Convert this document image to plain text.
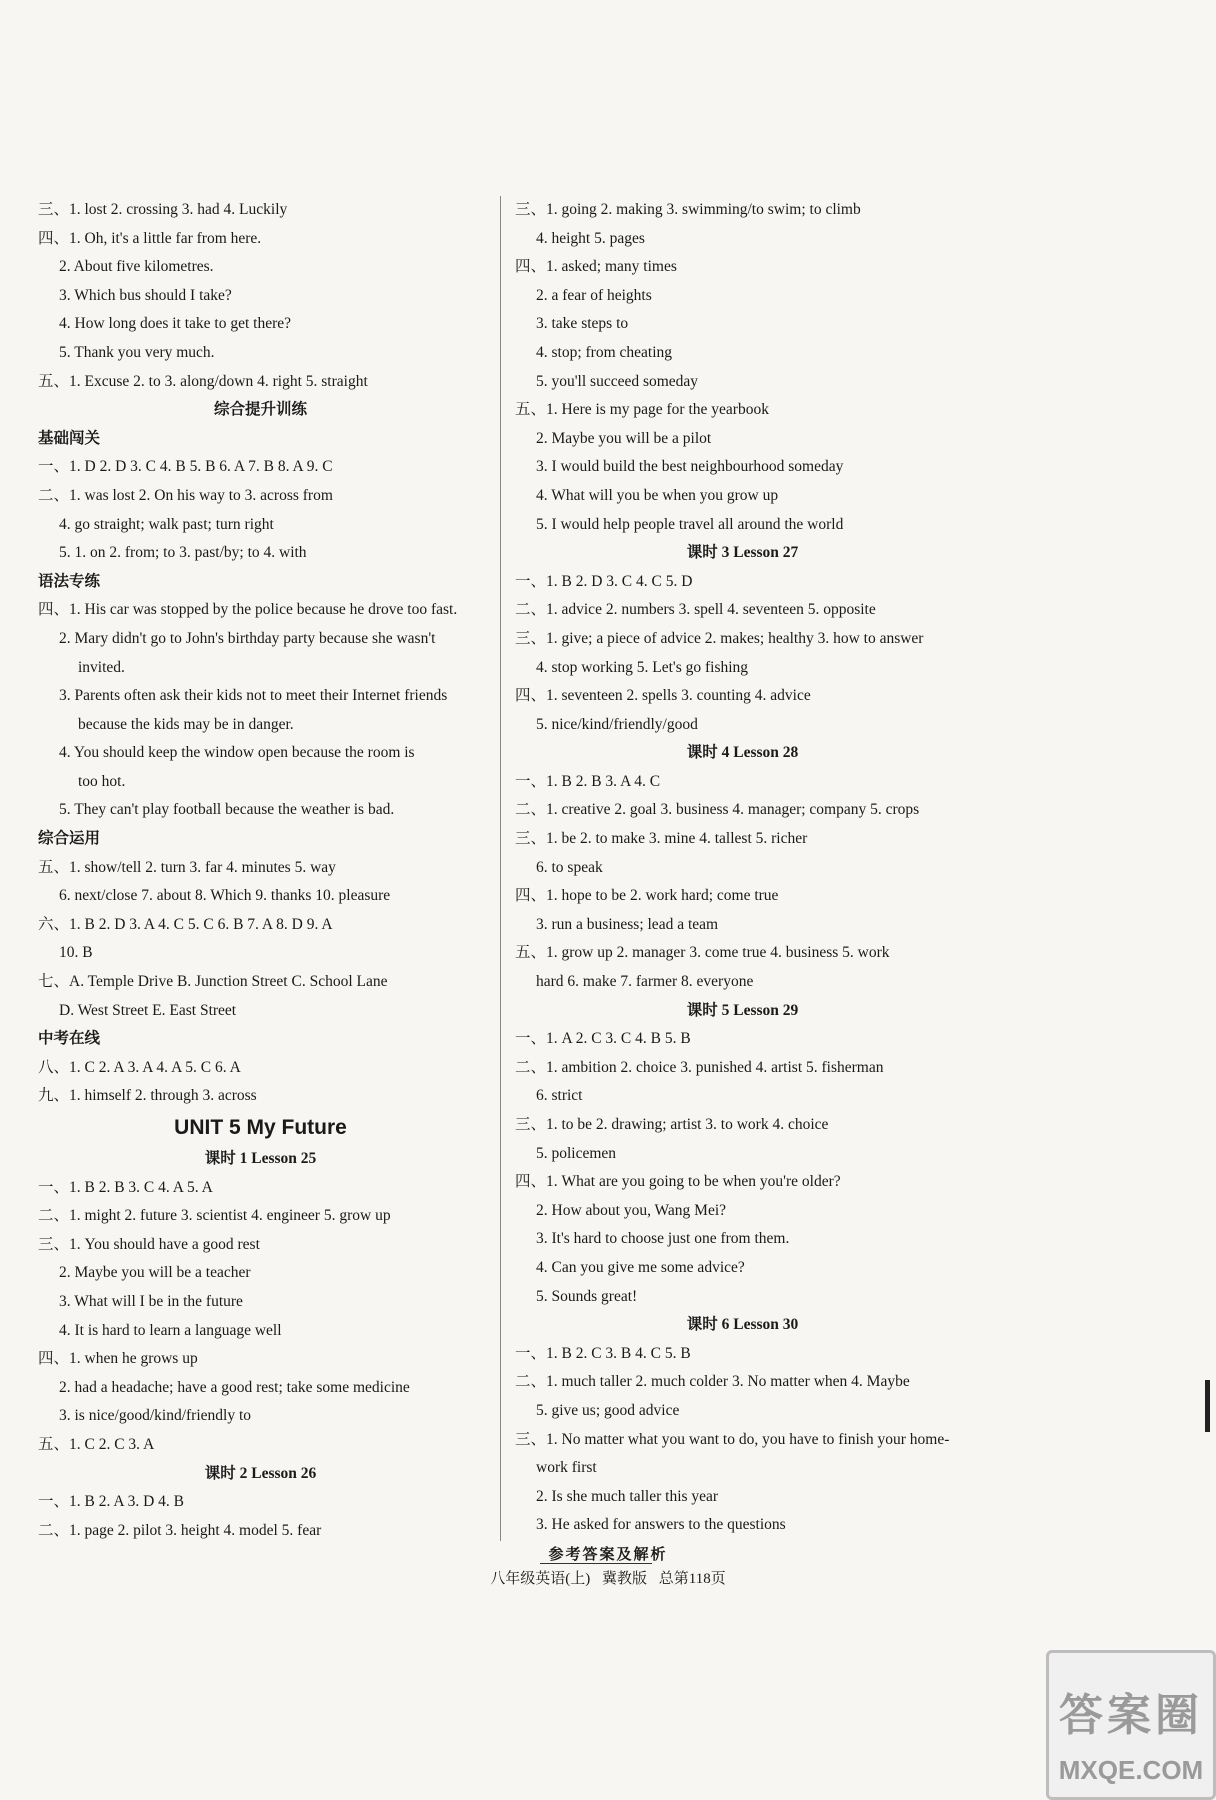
三、1. lost 2. crossing 3. had 4. Luckily
四、1. Oh, it's a little far from here.
2. About five kilometres.
3. Which bus should I take?
4. How long does it take to get there?
5. Thank you very much.
五、1. Excuse 2. to 3. along/down 4. right 5. straight
综合提升训练
基础闯关
一、1. D 2. D 3. C 4. B 5. B 6. A 7. B 8. A 9. C
二、1. was lost 2. On his way to 3. across from
4. go straight; walk past; turn right
5. 1. on 2. from; to 3. past/by; to 4. with
语法专练
四、1. His car was stopped by the police because he drove too fast.
2. Mary didn't go to John's birthday party because she wasn't
invited.
3. Parents often ask their kids not to meet their Internet friends
because the kids may be in danger.
4. You should keep the window open because the room is
too hot.
5. They can't play football because the weather is bad.
综合运用
五、1. show/tell 2. turn 3. far 4. minutes 5. way
6. next/close 7. about 8. Which 9. thanks 10. pleasure
六、1. B 2. D 3. A 4. C 5. C 6. B 7. A 8. D 9. A
10. B
七、A. Temple Drive B. Junction Street C. School Lane
D. West Street E. East Street
中考在线
八、1. C 2. A 3. A 4. A 5. C 6. A
九、1. himself 2. through 3. across
UNIT 5 My Future
课时 1 Lesson 25
一、1. B 2. B 3. C 4. A 5. A
二、1. might 2. future 3. scientist 4. engineer 5. grow up
三、1. You should have a good rest
2. Maybe you will be a teacher
3. What will I be in the future
4. It is hard to learn a language well
四、1. when he grows up
2. had a headache; have a good rest; take some medicine
3. is nice/good/kind/friendly to
五、1. C 2. C 3. A
课时 2 Lesson 26
一、1. B 2. A 3. D 4. B
二、1. page 2. pilot 3. height 4. model 5. fear
三、1. going 2. making 3. swimming/to swim; to climb
4. height 5. pages
四、1. asked; many times
2. a fear of heights
3. take steps to
4. stop; from cheating
5. you'll succeed someday
五、1. Here is my page for the yearbook
2. Maybe you will be a pilot
3. I would build the best neighbourhood someday
4. What will you be when you grow up
5. I would help people travel all around the world
课时 3 Lesson 27
一、1. B 2. D 3. C 4. C 5. D
二、1. advice 2. numbers 3. spell 4. seventeen 5. opposite
三、1. give; a piece of advice 2. makes; healthy 3. how to answer
4. stop working 5. Let's go fishing
四、1. seventeen 2. spells 3. counting 4. advice
5. nice/kind/friendly/good
课时 4 Lesson 28
一、1. B 2. B 3. A 4. C
二、1. creative 2. goal 3. business 4. manager; company 5. crops
三、1. be 2. to make 3. mine 4. tallest 5. richer
6. to speak
四、1. hope to be 2. work hard; come true
3. run a business; lead a team
五、1. grow up 2. manager 3. come true 4. business 5. work
hard 6. make 7. farmer 8. everyone
课时 5 Lesson 29
一、1. A 2. C 3. C 4. B 5. B
二、1. ambition 2. choice 3. punished 4. artist 5. fisherman
6. strict
三、1. to be 2. drawing; artist 3. to work 4. choice
5. policemen
四、1. What are you going to be when you're older?
2. How about you, Wang Mei?
3. It's hard to choose just one from them.
4. Can you give me some advice?
5. Sounds great!
课时 6 Lesson 30
一、1. B 2. C 3. B 4. C 5. B
二、1. much taller 2. much colder 3. No matter when 4. Maybe
5. give us; good advice
三、1. No matter what you want to do, you have to finish your home-
work first
2. Is she much taller this year
3. He asked for answers to the questions
参考答案及解析
八年级英语(上) 冀教版 总第118页
答案圈
MXQE.COM
